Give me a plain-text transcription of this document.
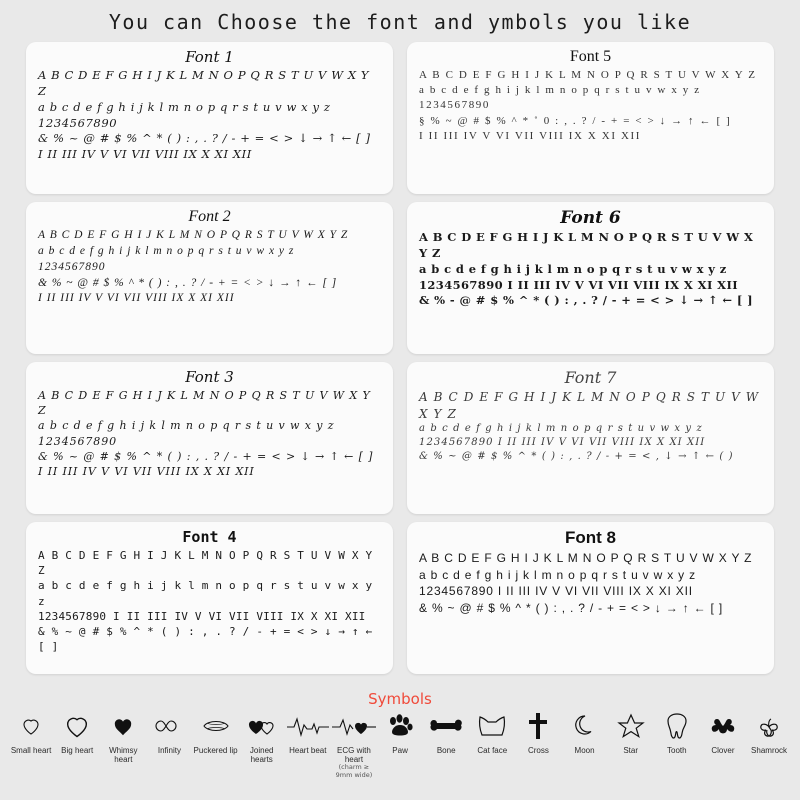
You can Choose the font and ymbols you like
Font 1
A B C D E F G H I J K L M N O P Q R S T U V W X Y Z
a b c d e f g h i j k l m n o p q r s t u v w x y z
1234567890
& % ~ @ # $ % ^ * ( ) : , . ? / - + = < > ↓ → ↑ ← [ ]
I II III IV V VI VII VIII IX X XI XII
Font 5
A B C D E F G H I J K L M N O P Q R S T U V W X Y Z
a b c d e f g h i j k l m n o p q r s t u v w x y z
1234567890
§ % ~ @ # $ % ^ * ˚ 0 : , . ? / - + = < > ↓ → ↑ ← [ ]
I II III IV V VI VII VIII IX X XI XII
Font 2
A B C D E F G H I J K L M N O P Q R S T U V W X Y Z
a b c d e f g h i j k l m n o p q r s t u v w x y z
1234567890
& % ~ @ # $ % ^ * ( ) : , . ? / - + = < > ↓ → ↑ ← [ ]
I II III IV V VI VII VIII IX X XI XII
Font 6
A B C D E F G H I J K L M N O P Q R S T U V W X Y Z
a b c d e f g h i j k l m n o p q r s t u v w x y z
1234567890 I II III IV V VI VII VIII IX X XI XII
& % - @ # $ % ^ * ( ) : , . ? / - + = < > ↓ → ↑ ← [ ]
Font 3
A B C D E F G H I J K L M N O P Q R S T U V W X Y Z
a b c d e f g h i j k l m n o p q r s t u v w x y z
1234567890
& % ~ @ # $ % ^ * ( ) : , . ? / - + = < > ↓ → ↑ ← [ ]
I II III IV V VI VII VIII IX X XI XII
Font 7
A B C D E F G H I J K L M N O P Q R S T U V W X Y Z
a b c d e f g h i j k l m n o p q r s t u v w x y z
1234567890 I II III IV V VI VII VIII IX X XI XII
& % ~ @ # $ % ^ * ( ) : , . ? / - + = < , ↓ → ↑ ← ( )
Font 4
A B C D E F G H I J K L M N O P Q R S T U V W X Y Z
a b c d e f g h i j k l m n o p q r s t u v w x y z
1234567890 I II III IV V VI VII VIII IX X XI XII
& % ~ @ # $ % ^ * ( ) : , . ? / - + = < > ↓ → ↑ ← [ ]
Font 8
A B C D E F G H I J K L M N O P Q R S T U V W X Y Z
a b c d e f g h i j k l m n o p q r s t u v w x y z
1234567890 I II III IV V VI VII VIII IX X XI XII
& % ~ @ # $ % ^ * ( ) : , . ? / - + = < > ↓ → ↑ ← [ ]
Symbols
Small heart	Big heart	Whimsy heart
Infinity	Puckered lip	Joined hearts
Heart beat	ECG with heart
(charm ≥ 9mm wide)
Paw	Bone	Cat face	Cross	Moon	Star	Tooth	Clover	Shamrock
